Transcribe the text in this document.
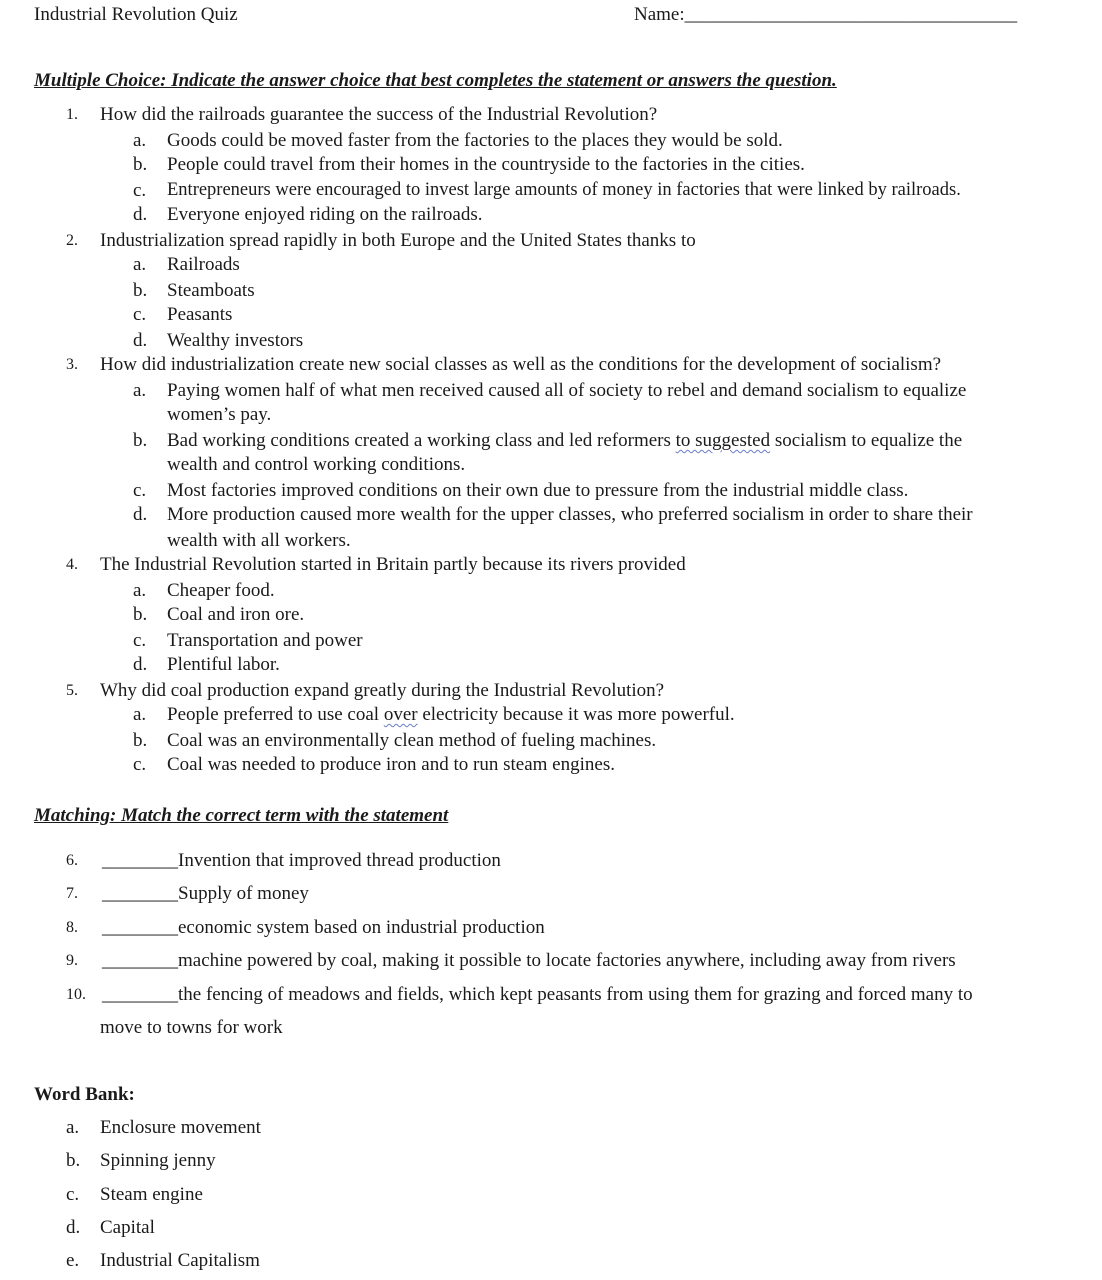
Industrial Revolution Quiz	Name:___________________________________
Multiple Choice: Indicate the answer choice that best completes the statement or answers the question.
1.	How did the railroads guarantee the success of the Industrial Revolution?
a. Goods could be moved faster from the factories to the places they would be sold.
b. People could travel from their homes in the countryside to the factories in the cities.
c. Entrepreneurs were encouraged to invest large amounts of money in factories that were linked by railroads.
d. Everyone enjoyed riding on the railroads.
2.	Industrialization spread rapidly in both Europe and the United States thanks to
a. Railroads
b. Steamboats
c. Peasants
d. Wealthy investors
3.	How did industrialization create new social classes as well as the conditions for the development of socialism?
a. Paying women half of what men received caused all of society to rebel and demand socialism to equalize
women’s pay.
b. Bad working conditions created a working class and led reformers to suggested socialism to equalize the
wealth and control working conditions.
c. Most factories improved conditions on their own due to pressure from the industrial middle class.
d. More production caused more wealth for the upper classes, who preferred socialism in order to share their
wealth with all workers.
4.	The Industrial Revolution started in Britain partly because its rivers provided
a. Cheaper food.
b. Coal and iron ore.
c. Transportation and power
d. Plentiful labor.
5.	Why did coal production expand greatly during the Industrial Revolution?
a. People preferred to use coal over electricity because it was more powerful.
b. Coal was an environmentally clean method of fueling machines.
c. Coal was needed to produce iron and to run steam engines.
Matching: Match the correct term with the statement
6. ________Invention that improved thread production
7. ________Supply of money
8. ________economic system based on industrial production
9. ________machine powered by coal, making it possible to locate factories anywhere, including away from rivers
10. ________the fencing of meadows and fields, which kept peasants from using them for grazing and forced many to
move to towns for work
Word Bank:
a. Enclosure movement
b. Spinning jenny
c. Steam engine
d. Capital
e. Industrial Capitalism
